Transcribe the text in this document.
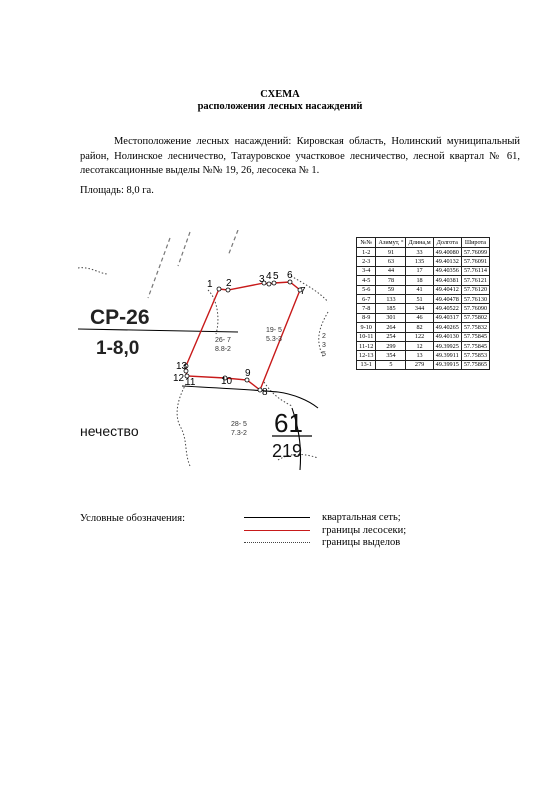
СХЕМА
расположения лесных насаждений
Местоположение лесных насаждений: Кировская область, Нолинский муниципальный район, Нолинское лесничество, Татауровское участковое лесничество, лесной квартал № 61, лесотаксационные выделы №№ 19, 26, лесосека № 1.
Площадь: 8,0 га.
1 2	3 4 5 6
7
8
9
10
11
12
13
СР-26
1-8,0	26- 7
8.8-2
19- 5
5.3-3
28- 5
7.3-2
2
3
5
61
219
нечество
№№	Азимут, °	Длина,м	Долгота	Широта
1-2	91	33	49.40080	57.76099
2-3	63	135	49.40132	57.76091
3-4	44	17	49.40356	57.76114
4-5	78	18	49.40381	57.76121
5-6	59	41	49.40412	57.76120
6-7	133	51	49.40478	57.76130
7-8	185	344	49.40522	57.76090
8-9	301	46	49.40317	57.75802
9-10	264	82	49.40265	57.75832
10-11	254	122	49.40130	57.75845
11-12	299	12	49.39925	57.75845
12-13	354	13	49.39911	57.75853
13-1	5	279	49.39915	57.75865
Условные обозначения:	квартальная сеть;
границы лесосеки;
границы выделов
